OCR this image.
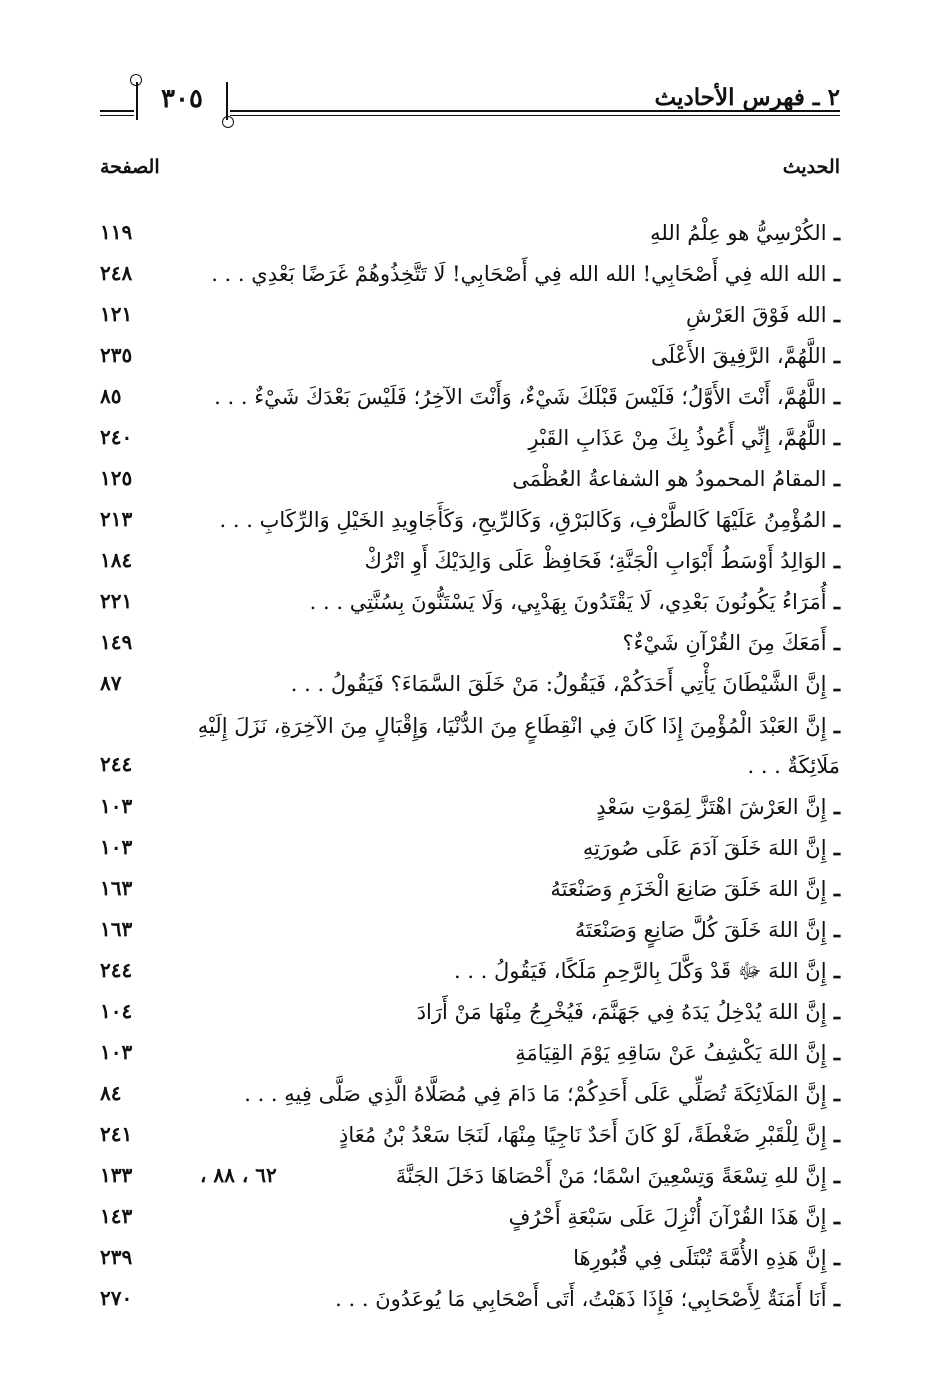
٢ ـ فهرس الأحاديث
٣٠٥
الحديث
الصفحة
ـ الكُرْسِيُّ هو عِلْمُ اللهِ
١١٩
ـ الله الله فِي أَصْحَابِي! الله الله فِي أَصْحَابِي! لَا تَتَّخِذُوهُمْ غَرَضًا بَعْدِي . . .
٢٤٨
ـ الله فَوْقَ العَرْشِ
١٢١
ـ اللَّهُمَّ، الرَّفِيقَ الأَعْلَى
٢٣٥
ـ اللَّهُمَّ، أَنْتَ الأَوَّلُ؛ فَلَيْسَ قَبْلَكَ شَيْءٌ، وَأَنْتَ الآخِرُ؛ فَلَيْسَ بَعْدَكَ شَيْءٌ . . .
٨٥
ـ اللَّهُمَّ، إِنِّي أَعُوذُ بِكَ مِنْ عَذَابِ القَبْرِ
٢٤٠
ـ المقامُ المحمودُ هو الشفاعةُ العُظْمَى
١٢٥
ـ المُؤْمِنُ عَلَيْهَا كَالطَّرْفِ، وَكَالبَرْقِ، وَكَالرِّيحِ، وَكَأَجَاوِيدِ الخَيْلِ وَالرِّكَابِ . . .
٢١٣
ـ الوَالِدُ أَوْسَطُ أَبْوَابِ الْجَنَّةِ؛ فَحَافِظْ عَلَى وَالِدَيْكَ أَوِ اتْرُكْ
١٨٤
ـ أُمَرَاءُ يَكُونُونَ بَعْدِي، لَا يَقْتَدُونَ بِهَدْيِي، وَلَا يَسْتَنُّونَ بِسُنَّتِي . . .
٢٢١
ـ أَمَعَكَ مِنَ القُرْآنِ شَيْءٌ؟
١٤٩
ـ إِنَّ الشَّيْطَانَ يَأْتِي أَحَدَكُمْ، فَيَقُولُ: مَنْ خَلَقَ السَّمَاءَ؟ فَيَقُولُ . . .
٨٧
ـ إِنَّ العَبْدَ الْمُؤْمِنَ إِذَا كَانَ فِي انْقِطَاعٍ مِنَ الدُّنْيَا، وَإِقْبَالٍ مِنَ الآخِرَةِ، نَزَلَ إِلَيْهِ مَلَائِكَةٌ . . .
٢٤٤
ـ إِنَّ العَرْشَ اهْتَزَّ لِمَوْتِ سَعْدٍ
١٠٣
ـ إِنَّ اللهَ خَلَقَ آدَمَ عَلَى صُورَتِهِ
١٠٣
ـ إِنَّ اللهَ خَلَقَ صَانِعَ الْخَزَمِ وَصَنْعَتَهُ
١٦٣
ـ إِنَّ اللهَ خَلَقَ كُلَّ صَانِعٍ وَصَنْعَتَهُ
١٦٣
ـ إِنَّ اللهَ ﷻ قَدْ وَكَّلَ بِالرَّحِمِ مَلَكًا، فَيَقُولُ . . .
٢٤٤
ـ إِنَّ اللهَ يُدْخِلُ يَدَهُ فِي جَهَنَّمَ، فَيُخْرِجُ مِنْهَا مَنْ أَرَادَ
١٠٤
ـ إِنَّ اللهَ يَكْشِفُ عَنْ سَاقِهِ يَوْمَ القِيَامَةِ
١٠٣
ـ إِنَّ المَلَائِكَةَ تُصَلِّي عَلَى أَحَدِكُمْ؛ مَا دَامَ فِي مُصَلَّاهُ الَّذِي صَلَّى فِيهِ . . .
٨٤
ـ إِنَّ لِلْقَبْرِ ضَغْطَةً، لَوْ كَانَ أَحَدٌ نَاجِيًا مِنْهَا، لَنَجَا سَعْدُ بْنُ مُعَاذٍ
٢٤١
ـ إِنَّ للهِ تِسْعَةً وَتِسْعِينَ اسْمًا؛ مَنْ أَحْصَاهَا دَخَلَ الجَنَّةَ
٦٢ ، ٨٨ ،
١٣٣
ـ إِنَّ هَذَا القُرْآنَ أُنْزِلَ عَلَى سَبْعَةِ أَحْرُفٍ
١٤٣
ـ إِنَّ هَذِهِ الأُمَّةَ تُبْتَلَى فِي قُبُورِهَا
٢٣٩
ـ أَنَا أَمَنَةٌ لِأَصْحَابِي؛ فَإِذَا ذَهَبْتُ، أَتَى أَصْحَابِي مَا يُوعَدُونَ . . .
٢٧٠
